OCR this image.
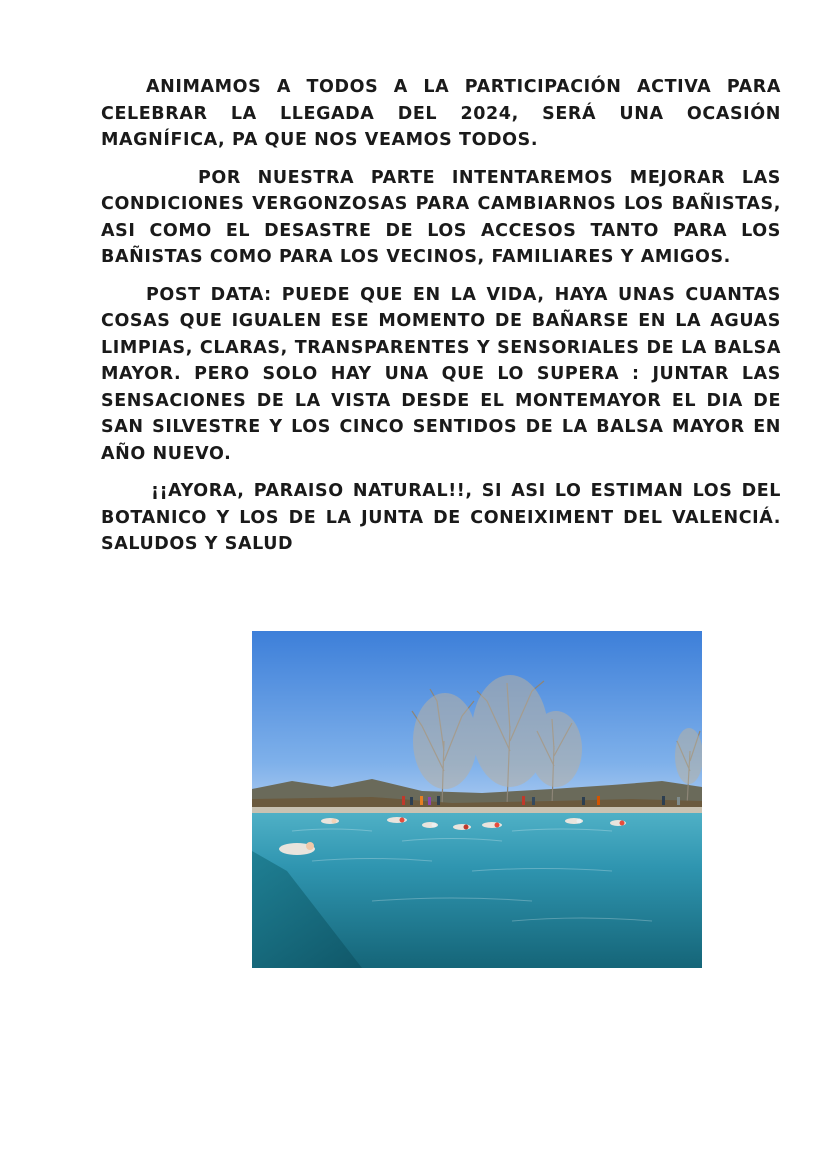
ANIMAMOS A TODOS A LA PARTICIPACIÓN ACTIVA PARA CELEBRAR LA LLEGADA DEL 2024, SERÁ UNA OCASIÓN MAGNÍFICA, PA QUE NOS VEAMOS TODOS.

POR NUESTRA PARTE INTENTAREMOS MEJORAR LAS CONDICIONES VERGONZOSAS PARA CAMBIARNOS LOS BAÑISTAS, ASI COMO EL DESASTRE DE LOS ACCESOS TANTO PARA LOS BAÑISTAS COMO PARA LOS VECINOS, FAMILIARES Y AMIGOS.

POST DATA: PUEDE QUE EN LA VIDA, HAYA UNAS CUANTAS COSAS QUE IGUALEN ESE MOMENTO DE BAÑARSE EN LA AGUAS LIMPIAS, CLARAS, TRANSPARENTES Y SENSORIALES DE LA BALSA MAYOR. PERO SOLO HAY UNA QUE LO SUPERA : JUNTAR LAS SENSACIONES DE LA VISTA DESDE EL MONTEMAYOR EL DIA DE SAN SILVESTRE Y LOS CINCO SENTIDOS DE LA BALSA MAYOR EN AÑO NUEVO.

¡¡AYORA, PARAISO NATURAL!!, SI ASI LO ESTIMAN LOS DEL BOTANICO Y LOS DE LA JUNTA DE CONEIXIMENT DEL VALENCIÁ. SALUDOS Y SALUD
